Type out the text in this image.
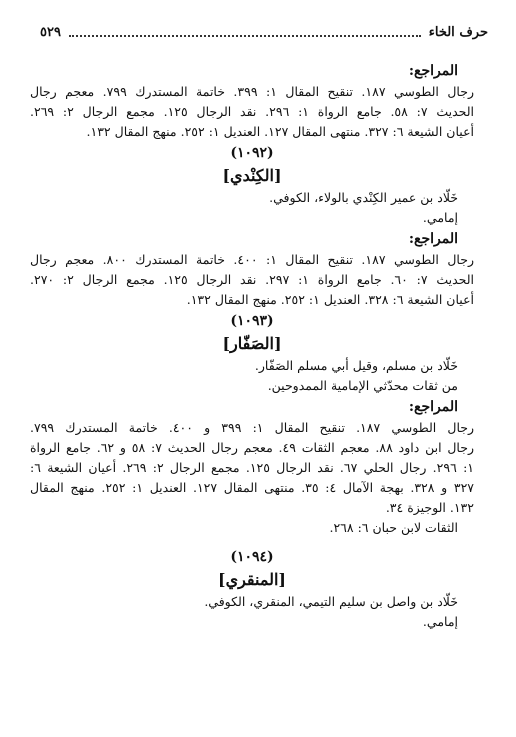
حرف الخاء
٥٢٩
المراجع:
رجال الطوسي ١٨٧. تنقيح المقال ١: ٣٩٩. خاتمة المستدرك ٧٩٩. معجم رجال
الحديث ٧: ٥٨. جامع الرواة ١: ٢٩٦. نقد الرجال ١٢٥. مجمع الرجال ٢: ٢٦٩.
أعيان الشيعة ٦: ٣٢٧. منتهى المقال ١٢٧. العنديل ١: ٢٥٢. منهج المقال ١٣٢.
(١٠٩٢)
[الكِنْدي]
خَلّاد بن عمير الكِنْدي بالولاء، الكوفي.
إمامي.
المراجع:
رجال الطوسي ١٨٧. تنقيح المقال ١: ٤٠٠. خاتمة المستدرك ٨٠٠. معجم رجال
الحديث ٧: ٦٠. جامع الرواة ١: ٢٩٧. نقد الرجال ١٢٥. مجمع الرجال ٢: ٢٧٠.
أعيان الشيعة ٦: ٣٢٨. العنديل ١: ٢٥٢. منهج المقال ١٣٢.
(١٠٩٣)
[الصَفّار]
خَلّاد بن مسلم، وقيل أبي مسلم الصَفّار.
من ثقات محدّثي الإمامية الممدوحين.
المراجع:
رجال الطوسي ١٨٧. تنقيح المقال ١: ٣٩٩ و ٤٠٠. خاتمة المستدرك ٧٩٩.
رجال ابن داود ٨٨. معجم الثقات ٤٩. معجم رجال الحديث ٧: ٥٨ و ٦٢. جامع الرواة
١: ٢٩٦. رجال الحلي ٦٧. نقد الرجال ١٢٥. مجمع الرجال ٢: ٢٦٩. أعيان الشيعة ٦:
٣٢٧ و ٣٢٨. بهجة الآمال ٤: ٣٥. منتهى المقال ١٢٧. العنديل ١: ٢٥٢. منهج المقال
١٣٢. الوجيزة ٣٤.
الثقات لابن حبان ٦: ٢٦٨.
(١٠٩٤)
[المنقري]
خَلّاد بن واصل بن سليم التيمي، المنقري، الكوفي.
إمامي.
